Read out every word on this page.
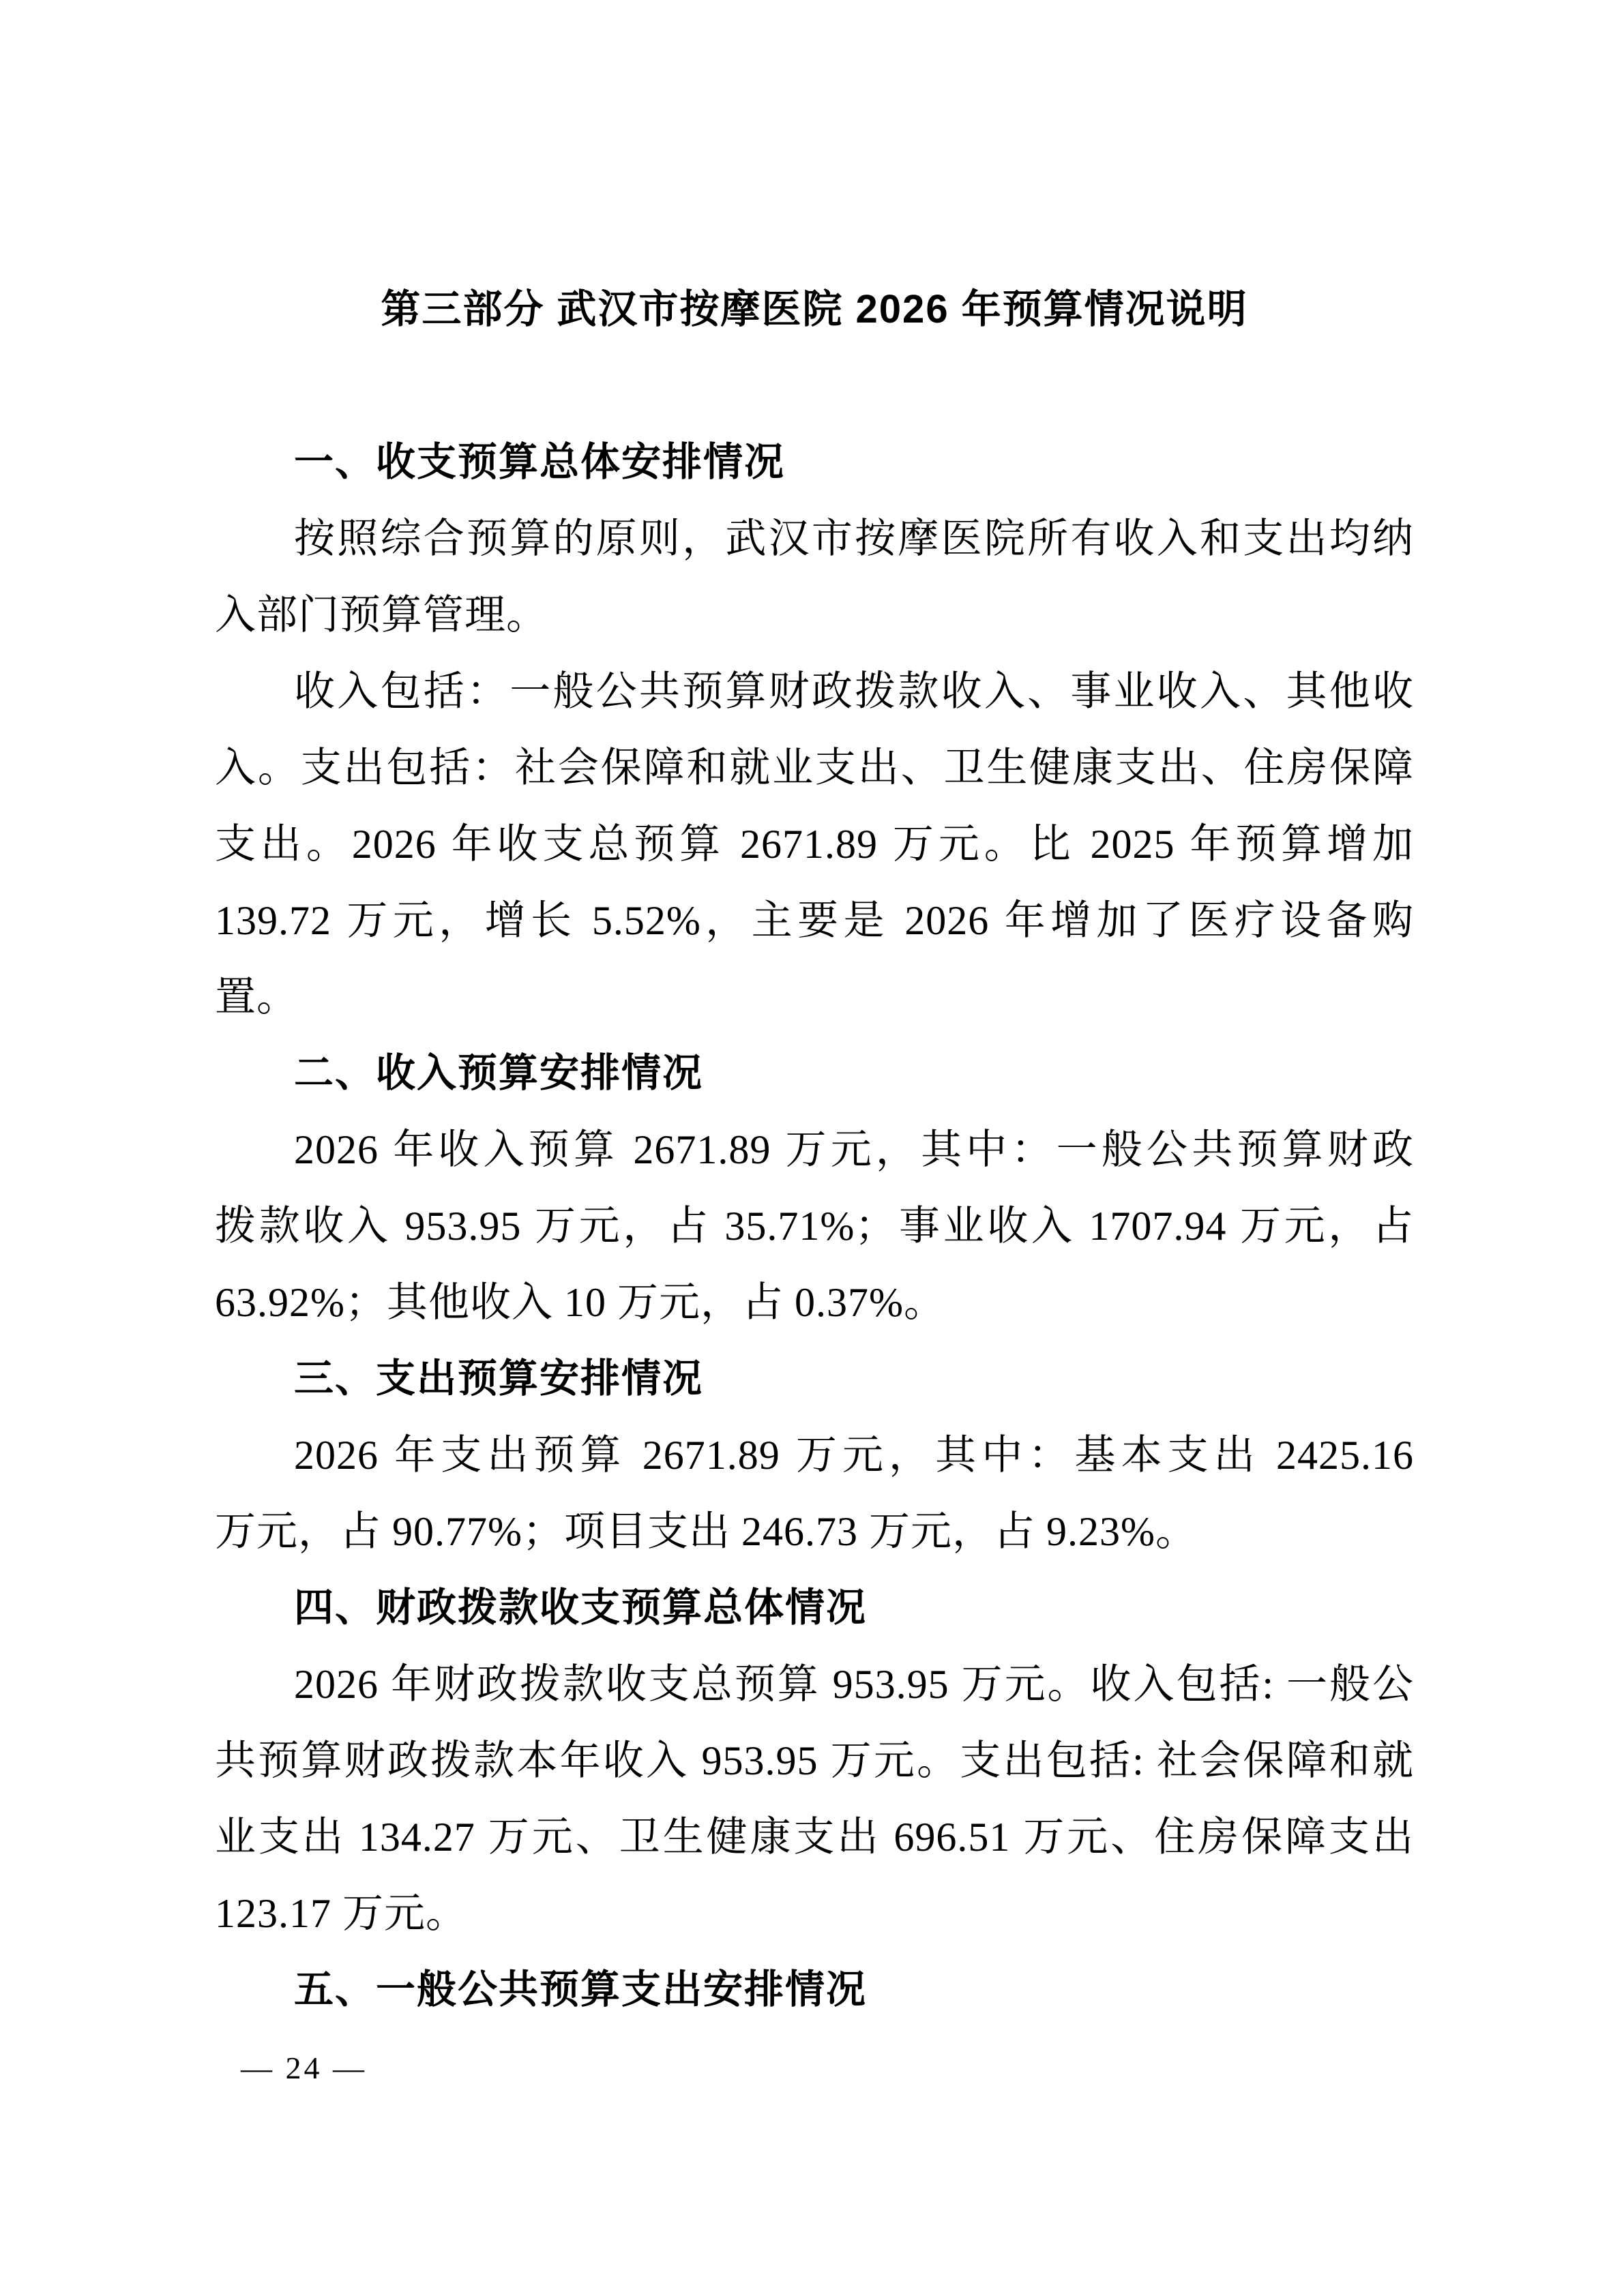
第三部分 武汉市按摩医院 2026 年预算情况说明
一、收支预算总体安排情况
按照综合预算的原则，武汉市按摩医院所有收入和支出均纳
入部门预算管理。
收入包括：一般公共预算财政拨款收入、事业收入、其他收
入。支出包括：社会保障和就业支出、卫生健康支出、住房保障
支出。2026 年收支总预算 2671.89 万元。比 2025 年预算增加
139.72 万元，增长 5.52%，主要是 2026 年增加了医疗设备购
置。
二、收入预算安排情况
2026 年收入预算 2671.89 万元，其中：一般公共预算财政
拨款收入 953.95 万元，占 35.71%；事业收入 1707.94 万元，占
63.92%；其他收入 10 万元，占 0.37%。
三、支出预算安排情况
2026 年支出预算 2671.89 万元，其中：基本支出 2425.16
万元，占 90.77%；项目支出 246.73 万元，占 9.23%。
四、财政拨款收支预算总体情况
2026 年财政拨款收支总预算 953.95 万元。收入包括: 一般公
共预算财政拨款本年收入 953.95 万元。支出包括: 社会保障和就
业支出 134.27 万元、卫生健康支出 696.51 万元、住房保障支出
123.17 万元。
五、一般公共预算支出安排情况
— 24 —
